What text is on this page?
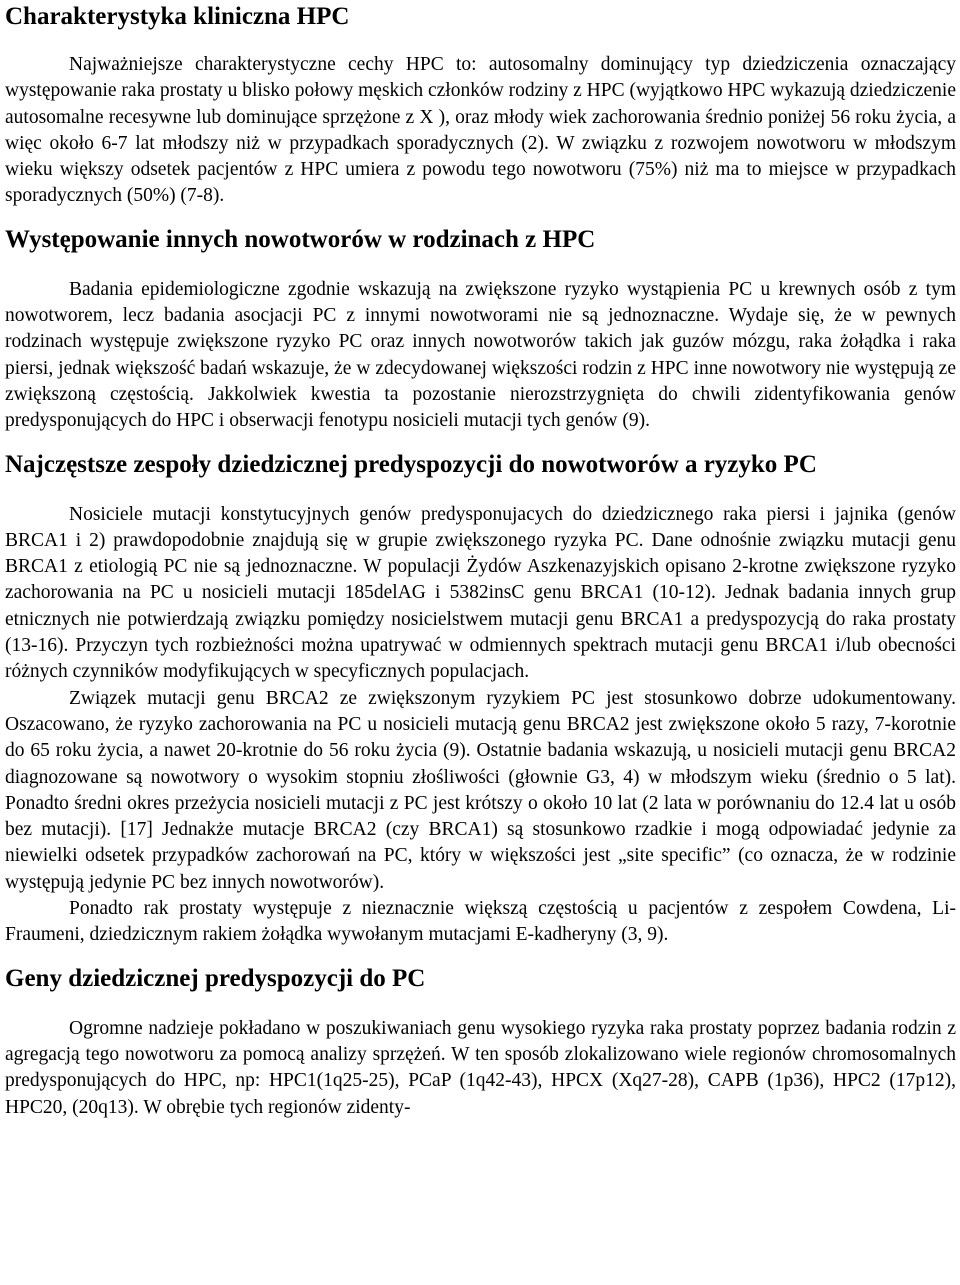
Charakterystyka kliniczna HPC

Najważniejsze charakterystyczne cechy HPC to: autosomalny dominujący typ dziedziczenia oznaczający występowanie raka prostaty u blisko połowy męskich członków rodziny z HPC (wyjątkowo HPC wykazują dziedziczenie autosomalne recesywne lub dominujące sprzężone z X ), oraz młody wiek zachorowania średnio poniżej 56 roku życia, a więc około 6-7 lat młodszy niż w przypadkach sporadycznych (2). W związku z rozwojem nowotworu w młodszym wieku większy odsetek pacjentów z HPC umiera z powodu tego nowotworu (75%) niż ma to miejsce w przypadkach sporadycznych (50%) (7-8).

Występowanie innych nowotworów w rodzinach z HPC

Badania epidemiologiczne zgodnie wskazują na zwiększone ryzyko wystąpienia PC u krewnych osób z tym nowotworem, lecz badania asocjacji PC z innymi nowotworami nie są jednoznaczne. Wydaje się, że w pewnych rodzinach występuje zwiększone ryzyko PC oraz innych nowotworów takich jak guzów mózgu, raka żołądka i raka piersi, jednak większość badań wskazuje, że w zdecydowanej większości rodzin z HPC inne nowotwory nie występują ze zwiększoną częstością. Jakkolwiek kwestia ta pozostanie nierozstrzygnięta do chwili zidentyfikowania genów predysponujących do HPC i obserwacji fenotypu nosicieli mutacji tych genów (9).

Najczęstsze zespoły dziedzicznej predyspozycji do nowotworów a ryzyko PC

Nosiciele mutacji konstytucyjnych genów predysponujacych do dziedzicznego raka piersi i jajnika (genów BRCA1 i 2) prawdopodobnie znajdują się w grupie zwiększonego ryzyka PC. Dane odnośnie związku mutacji genu BRCA1 z etiologią PC nie są jednoznaczne. W populacji Żydów Aszkenazyjskich opisano 2-krotne zwiększone ryzyko zachorowania na PC u nosicieli mutacji 185delAG i 5382insC genu BRCA1 (10-12). Jednak badania innych grup etnicznych nie potwierdzają związku pomiędzy nosicielstwem mutacji genu BRCA1 a predyspozycją do raka prostaty (13-16). Przyczyn tych rozbieżności można upatrywać w odmiennych spektrach mutacji genu BRCA1 i/lub obecności różnych czynników modyfikujących w specyficznych populacjach.

Związek mutacji genu BRCA2 ze zwiększonym ryzykiem PC jest stosunkowo dobrze udokumentowany. Oszacowano, że ryzyko zachorowania na PC u nosicieli mutacją genu BRCA2 jest zwiększone około 5 razy, 7-korotnie do 65 roku życia, a nawet 20-krotnie do 56 roku życia (9). Ostatnie badania wskazują, u nosicieli mutacji genu BRCA2 diagnozowane są nowotwory o wysokim stopniu złośliwości (głownie G3, 4) w młodszym wieku (średnio o 5 lat). Ponadto średni okres przeżycia nosicieli mutacji z PC jest krótszy o około 10 lat (2 lata w porównaniu do 12.4 lat u osób bez mutacji). [17] Jednakże mutacje BRCA2 (czy BRCA1) są stosunkowo rzadkie i mogą odpowiadać jedynie za niewielki odsetek przypadków zachorowań na PC, który w większości jest „site specific” (co oznacza, że w rodzinie występują jedynie PC bez innych nowotworów).

Ponadto rak prostaty występuje z nieznacznie większą częstością u pacjentów z zespołem Cowdena, Li-Fraumeni, dziedzicznym rakiem żołądka wywołanym mutacjami E-kadheryny (3, 9).

Geny dziedzicznej predyspozycji do PC

Ogromne nadzieje pokładano w poszukiwaniach genu wysokiego ryzyka raka prostaty poprzez badania rodzin z agregacją tego nowotworu za pomocą analizy sprzężeń. W ten sposób zlokalizowano wiele regionów chromosomalnych predysponujących do HPC, np: HPC1(1q25-25), PCaP (1q42-43), HPCX (Xq27-28), CAPB (1p36), HPC2 (17p12), HPC20, (20q13). W obrębie tych regionów zidenty-
